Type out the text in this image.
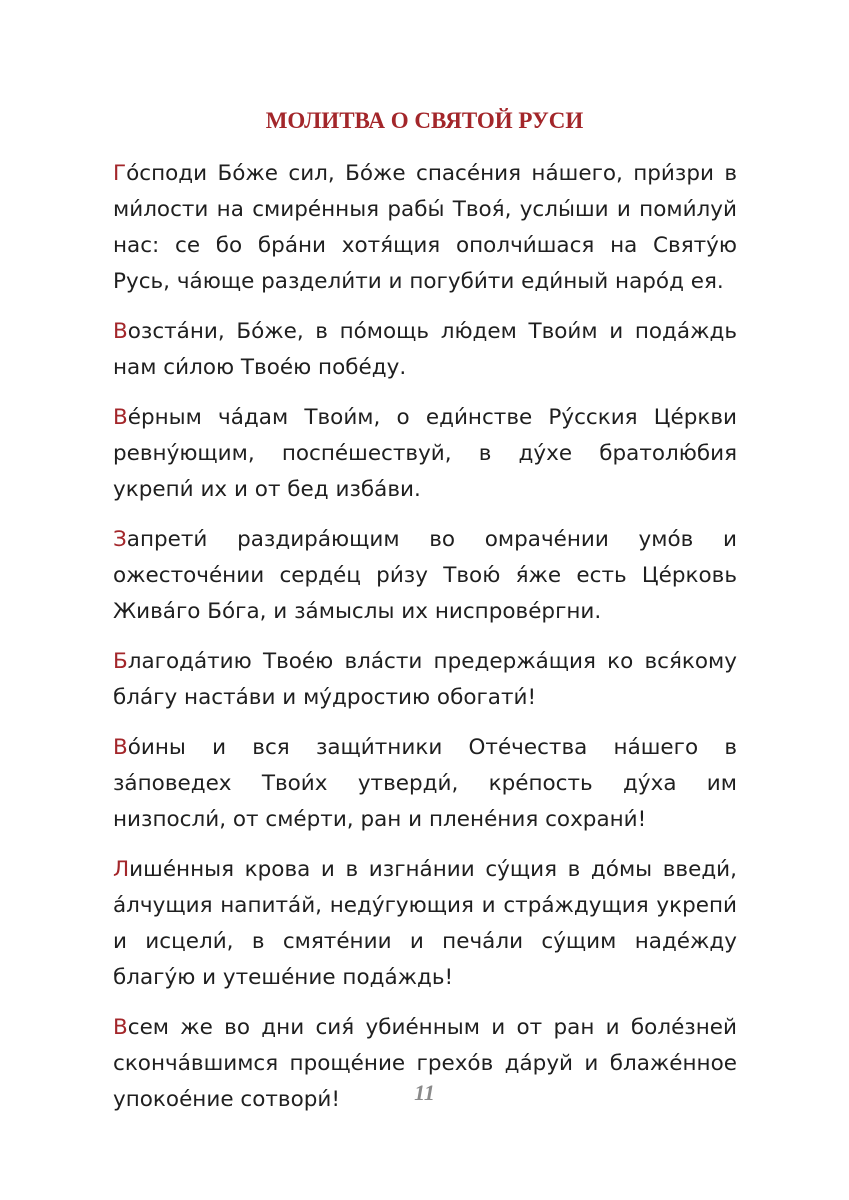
МОЛИТВА О СВЯТОЙ РУСИ

Го́споди Бо́же сил, Бо́же спасе́ния на́шего, при́зри в ми́лости на смире́нныя рабы́ Твоя́, услы́ши и поми́луй нас: се бо бра́ни хотя́щия ополчи́шася на Святу́ю Русь, ча́юще раздели́ти и погуби́ти еди́ный наро́д ея.

Возста́ни, Бо́же, в по́мощь лю́дем Твои́м и пода́ждь нам си́лою Твое́ю побе́ду.

Ве́рным ча́дам Твои́м, о еди́нстве Ру́сския Це́ркви ревну́ющим, поспе́шествуй, в ду́хе братолю́бия укрепи́ их и от бед изба́ви.

Запрети́ раздира́ющим во омраче́нии умо́в и ожесточе́нии серде́ц ри́зу Твою́ я́же есть Це́рковь Жива́го Бо́га, и за́мыслы их ниспрове́ргни.

Благода́тию Твое́ю вла́сти предержа́щия ко вся́кому бла́гу наста́ви и му́дростию обогати́!

Во́ины и вся защи́тники Оте́чества на́шего в за́поведех Твои́х утверди́, кре́пость ду́ха им низпосли́, от сме́рти, ран и плене́ния сохрани́!

Лише́нныя крова и в изгна́нии су́щия в до́мы введи́, а́лчущия напита́й, неду́гующия и стра́ждущия укрепи́ и исцели́, в смяте́нии и печа́ли су́щим наде́жду благу́ю и утеше́ние пода́ждь!

Всем же во дни сия́ убие́нным и от ран и боле́зней сконча́вшимся проще́ние грехо́в да́руй и блаже́нное упокое́ние сотвори́!	11
